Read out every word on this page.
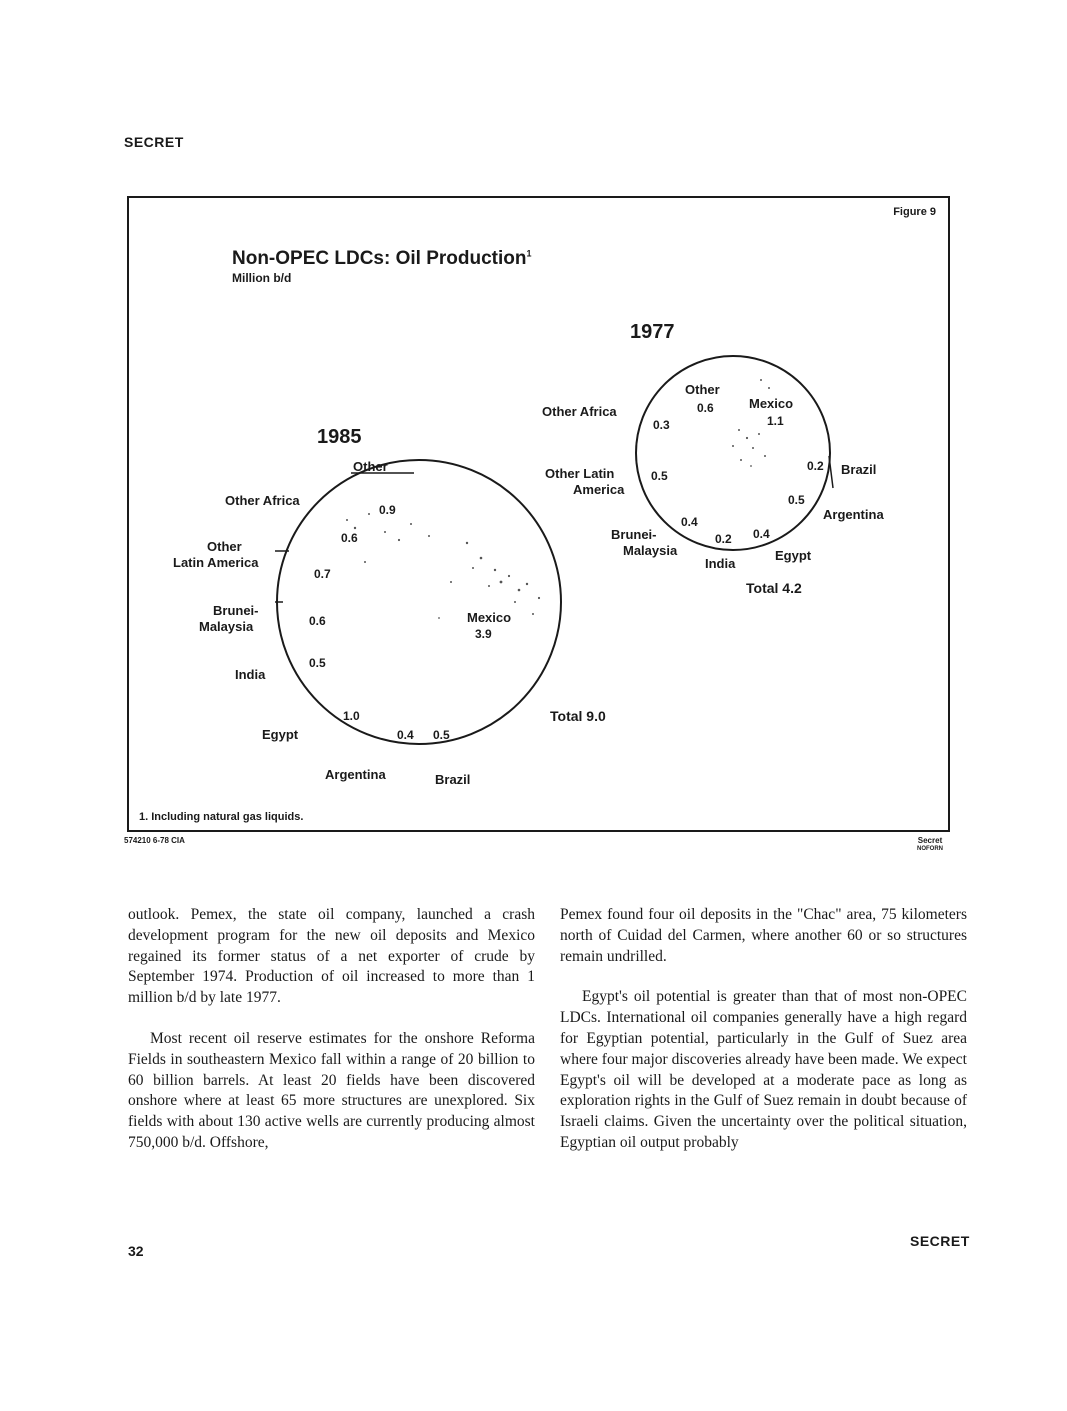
SECRET
Figure 9
Non-OPEC LDCs: Oil Production$^1$
Million b/d
1985
Mexico
3.9
0.9
0.6
0.7
0.6
0.5
1.0
0.4 0.5
Other
Other Africa
Other
Latin America
Brunei-
Malaysia
India
Egypt
Argentina	Brazil
Total 9.0
1977
Mexico
1.1
0.2
0.5
0.4
0.2
0.4
0.5
0.3
0.6
Other
Other Africa
Other Latin
America
Brazil
Argentina
Brunei-
Malaysia
India
Egypt
Total 4.2
1. Including natural gas liquids.
574210 6-78 CIA	Secret
NOFORN

outlook. Pemex, the state oil company, launched a crash development program for the new oil deposits and Mexico regained its former status of a net exporter of crude by September 1974. Production of oil increased to more than 1 million b/d by late 1977.

Most recent oil reserve estimates for the onshore Reforma Fields in southeastern Mexico fall within a range of 20 billion to 60 billion barrels. At least 20 fields have been discovered onshore where at least 65 more structures are unexplored. Six fields with about 130 active wells are currently producing almost 750,000 b/d. Offshore,

Pemex found four oil deposits in the "Chac" area, 75 kilometers north of Cuidad del Carmen, where another 60 or so structures remain undrilled.

Egypt's oil potential is greater than that of most non-OPEC LDCs. International oil companies generally have a high regard for Egyptian potential, particularly in the Gulf of Suez area where four major discoveries already have been made. We expect Egypt's oil will be developed at a moderate pace as long as exploration rights in the Gulf of Suez remain in doubt because of Israeli claims. Given the uncertainty over the political situation, Egyptian oil output probably

32
SECRET
